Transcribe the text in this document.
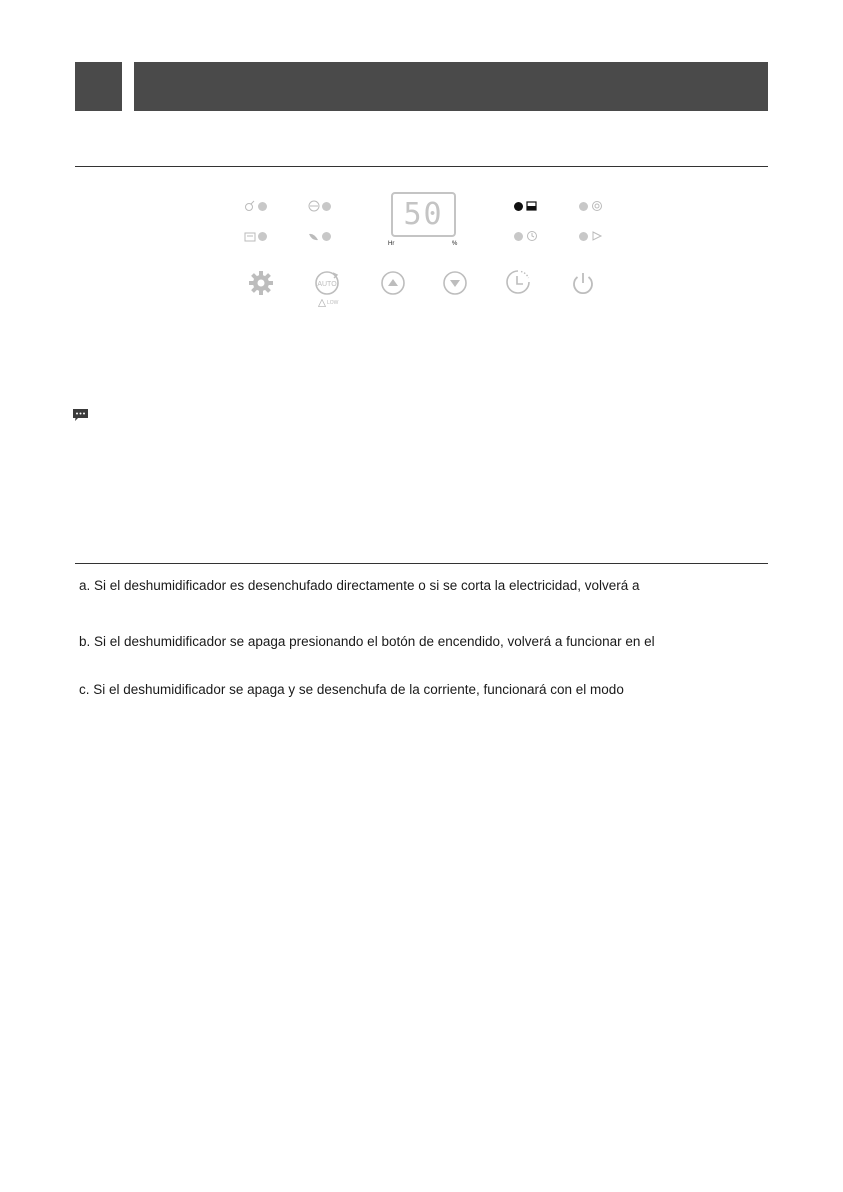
50
Hr	%
AUTO
LOW
a. Si el deshumidificador es desenchufado directamente o si se corta la electricidad, volverá a
b. Si el deshumidificador se apaga presionando el botón de encendido, volverá a funcionar en el
c. Si el deshumidificador se apaga y se desenchufa de la corriente, funcionará con el modo
